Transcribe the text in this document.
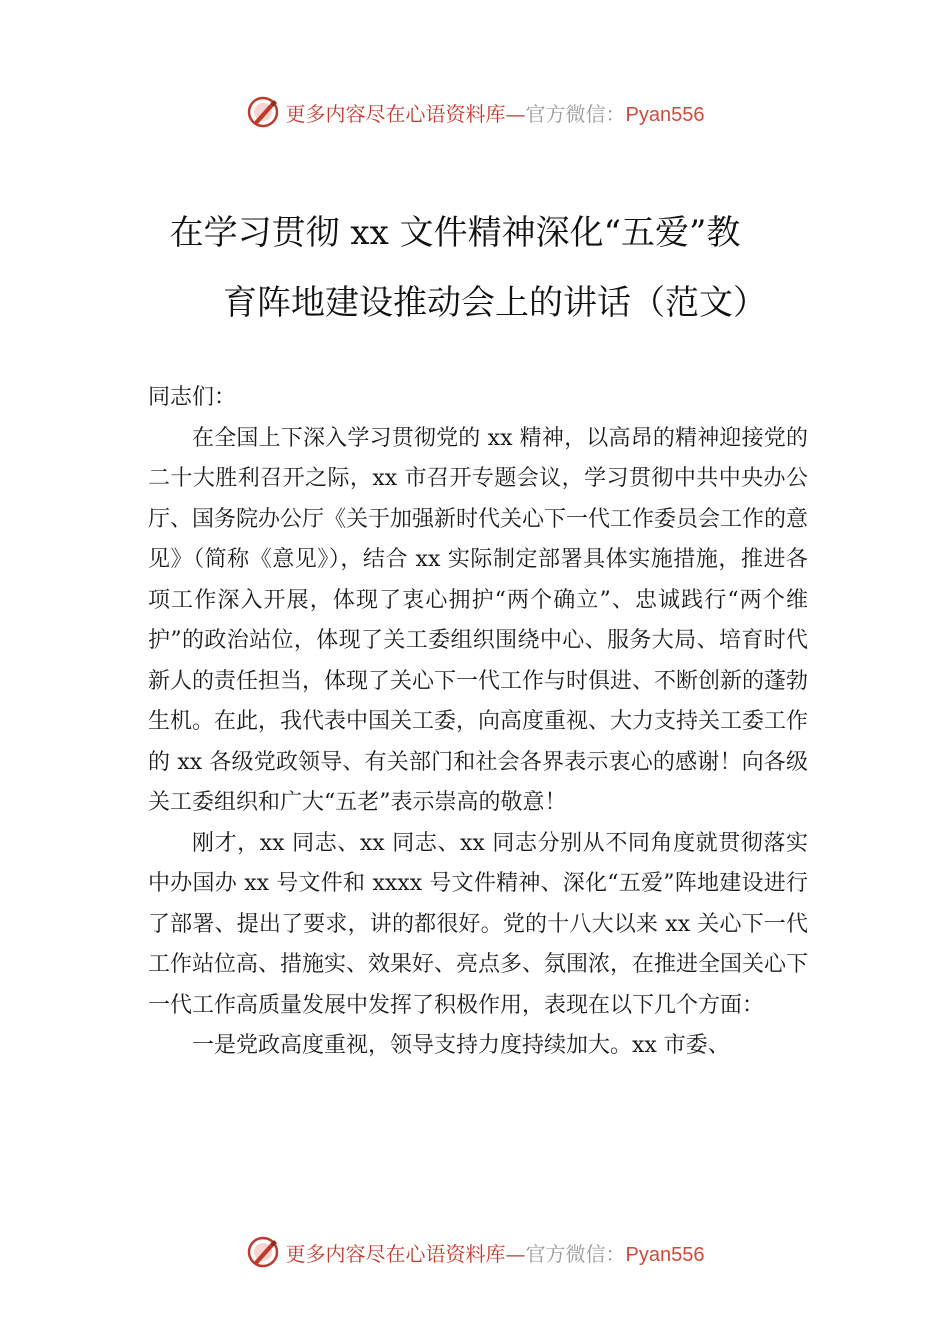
更多内容尽在心语资料库—官方微信：Pyan556
在学习贯彻 xx 文件精神深化“五爱”教
育阵地建设推动会上的讲话（范文）

同志们：

在全国上下深入学习贯彻党的 xx 精神，以高昂的精神迎接党的二十大胜利召开之际，xx 市召开专题会议，学习贯彻中共中央办公厅、国务院办公厅《关于加强新时代关心下一代工作委员会工作的意见》（简称《意见》），结合 xx 实际制定部署具体实施措施，推进各项工作深入开展，体现了衷心拥护“两个确立”、忠诚践行“两个维护”的政治站位，体现了关工委组织围绕中心、服务大局、培育时代新人的责任担当，体现了关心下一代工作与时俱进、不断创新的蓬勃生机。在此，我代表中国关工委，向高度重视、大力支持关工委工作的 xx 各级党政领导、有关部门和社会各界表示衷心的感谢！向各级关工委组织和广大“五老”表示崇高的敬意！

刚才，xx 同志、xx 同志、xx 同志分别从不同角度就贯彻落实中办国办 xx 号文件和 xxxx 号文件精神、深化“五爱”阵地建设进行了部署、提出了要求，讲的都很好。党的十八大以来 xx 关心下一代工作站位高、措施实、效果好、亮点多、氛围浓，在推进全国关心下一代工作高质量发展中发挥了积极作用，表现在以下几个方面：

一是党政高度重视，领导支持力度持续加大。xx 市委、

更多内容尽在心语资料库—官方微信：Pyan556
